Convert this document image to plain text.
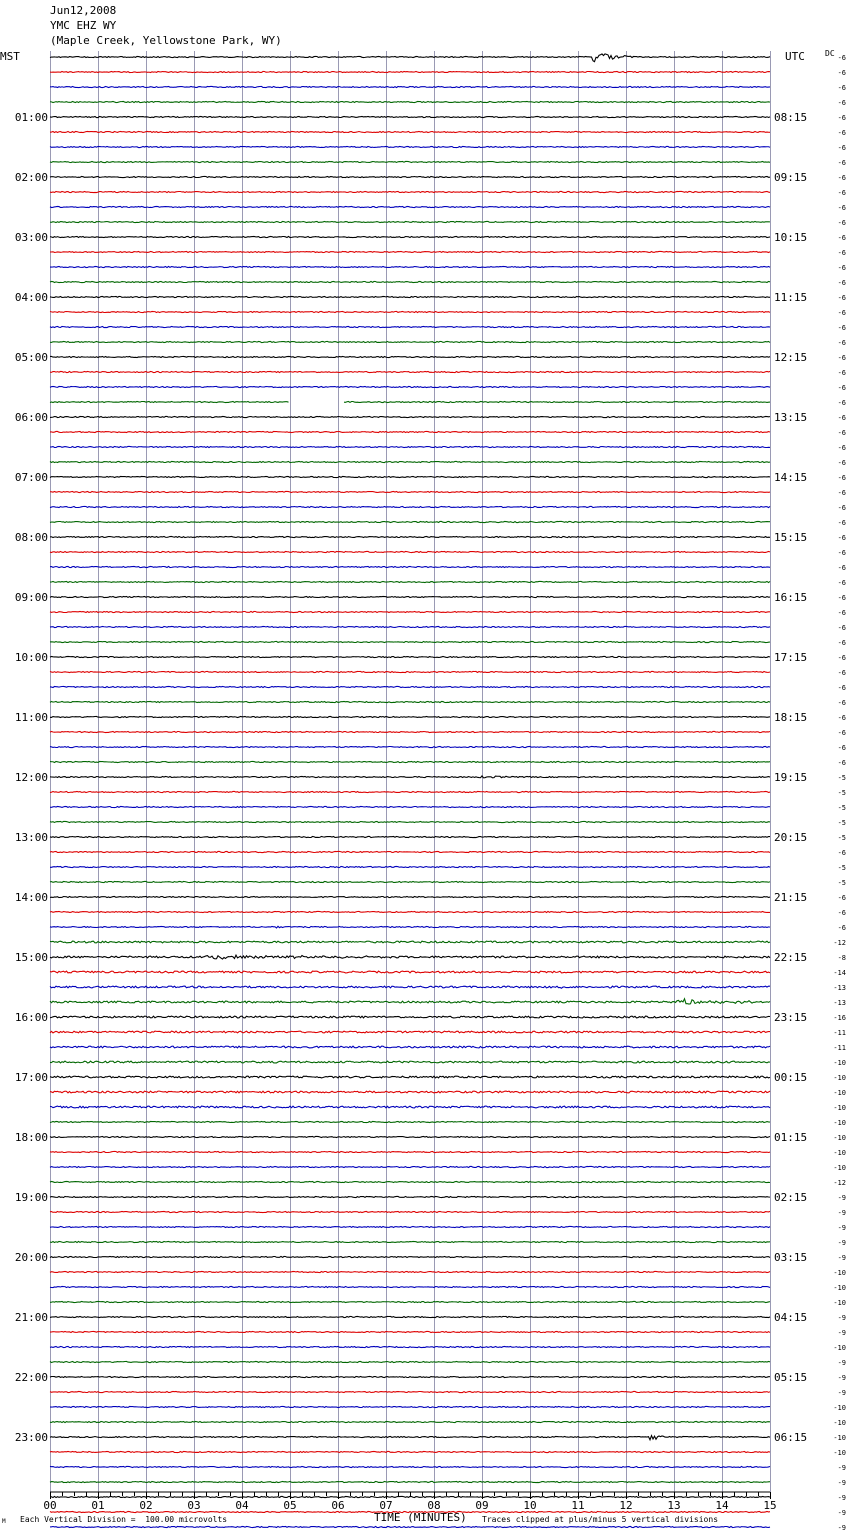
01:00
02:00
03:00
04:00
05:00
06:00
07:00
08:00
09:00
10:00
11:00
12:00
13:00
14:00
15:00
16:00
17:00
18:00
19:00
20:00
21:00
22:00
23:00
08:15
09:15
10:15
11:15
12:15
13:15
14:15
15:15
16:15
17:15
18:15
19:15
20:15
21:15
22:15
23:15
00:15
01:15
02:15
03:15
04:15
05:15
06:15
-6
-6
-6
-6
-6
-6
-6
-6
-6
-6
-6
-6
-6
-6
-6
-6
-6
-6
-6
-6
-6
-6
-6
-6
-6
-6
-6
-6
-6
-6
-6
-6
-6
-6
-6
-6
-6
-6
-6
-6
-6
-6
-6
-6
-6
-6
-6
-6
-5
-5
-5
-5
-5
-6
-5
-5
-6
-6
-6
-12
-8
-14
-13
-13
-16
-11
-11
-10
-10
-10
-10
-10
-10
-10
-10
-12
-9
-9
-9
-9
-9
-10
-10
-10
-9
-9
-10
-9
-9
-9
-10
-10
-10
-10
-9
-9
-9
-9
-9
00	01	02	03	04	05	06	07	08	09	10	11	12	13	14	15
Jun12,2008
YMC EHZ WY
(Maple Creek, Yellowstone Park, WY)
MST	UTC	DC
M Each Vertical Division =  100.00 microvolts	TIME (MINUTES) Traces clipped at plus/minus 5 vertical divisions
